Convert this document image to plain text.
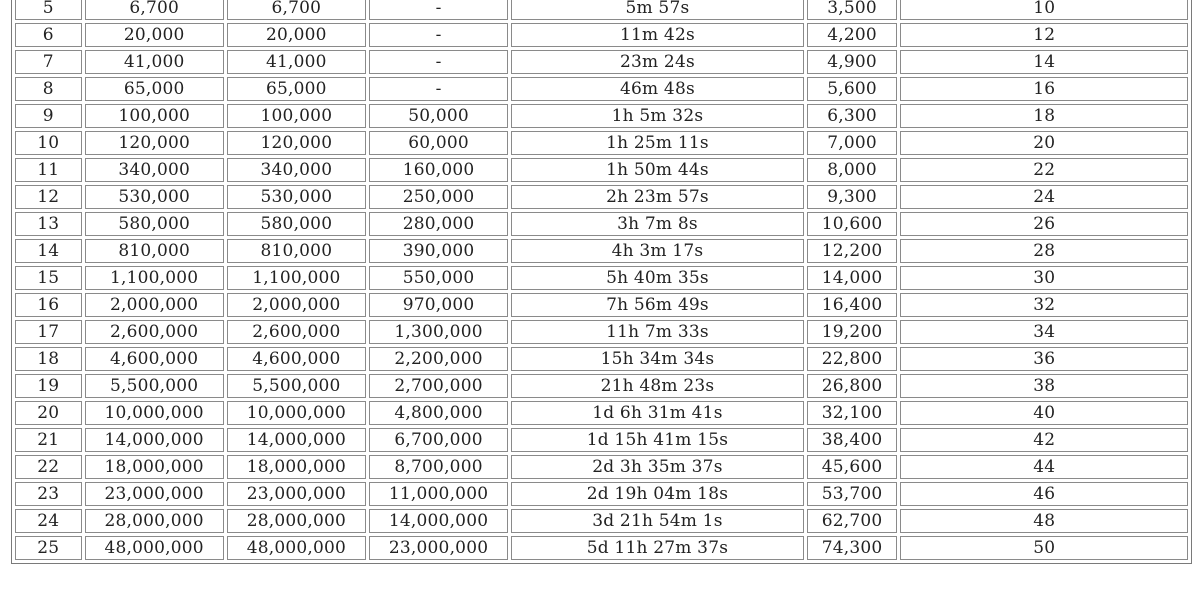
5	6,700	6,700	-	5m 57s	3,500	10
6	20,000	20,000	-	11m 42s	4,200	12
7	41,000	41,000	-	23m 24s	4,900	14
8	65,000	65,000	-	46m 48s	5,600	16
9	100,000	100,000	50,000	1h 5m 32s	6,300	18
10	120,000	120,000	60,000	1h 25m 11s	7,000	20
11	340,000	340,000	160,000	1h 50m 44s	8,000	22
12	530,000	530,000	250,000	2h 23m 57s	9,300	24
13	580,000	580,000	280,000	3h 7m 8s	10,600	26
14	810,000	810,000	390,000	4h 3m 17s	12,200	28
15	1,100,000	1,100,000	550,000	5h 40m 35s	14,000	30
16	2,000,000	2,000,000	970,000	7h 56m 49s	16,400	32
17	2,600,000	2,600,000	1,300,000	11h 7m 33s	19,200	34
18	4,600,000	4,600,000	2,200,000	15h 34m 34s	22,800	36
19	5,500,000	5,500,000	2,700,000	21h 48m 23s	26,800	38
20	10,000,000	10,000,000	4,800,000	1d 6h 31m 41s	32,100	40
21	14,000,000	14,000,000	6,700,000	1d 15h 41m 15s	38,400	42
22	18,000,000	18,000,000	8,700,000	2d 3h 35m 37s	45,600	44
23	23,000,000	23,000,000	11,000,000	2d 19h 04m 18s	53,700	46
24	28,000,000	28,000,000	14,000,000	3d 21h 54m 1s	62,700	48
25	48,000,000	48,000,000	23,000,000	5d 11h 27m 37s	74,300	50
